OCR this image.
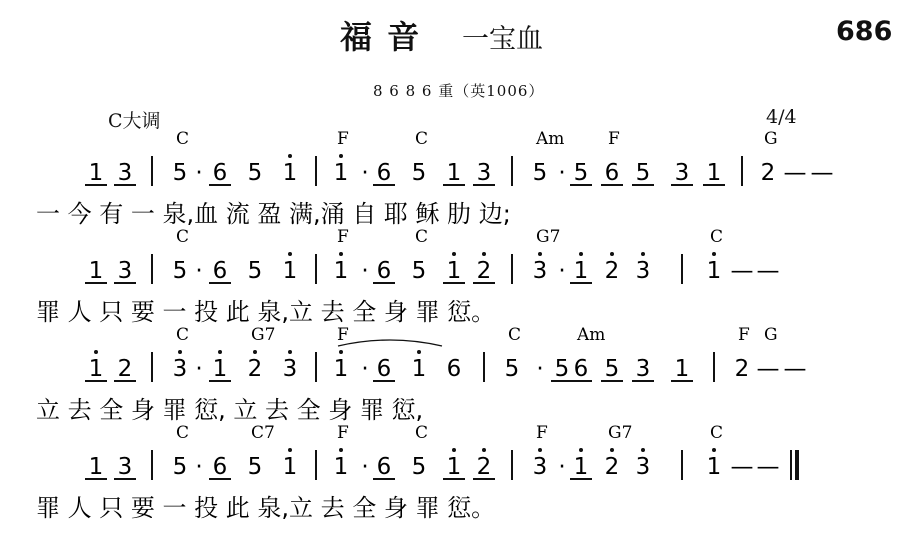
福 音 一宝血	686
8 6 8 6 重（英1006）
C大调	4/4
1 3 5 · 6 5 1 1 · 6 5 1 3 5 · 5 6 5 3 1 2 — —
C	F	C	Am	F	G
一 今 有 一 泉,血 流 盈 满,涌 自 耶 稣 肋 边;
1 3 5 · 6 5 1 1 · 6 5 1 2 3 · 1 2 3 1 — —
C	F	C	G7	C
罪 人 只 要 一 投 此 泉,立 去 全 身 罪 愆。
1 2 3 · 1 2 3 1 · 6 1 6 5 · 5 6 5 3 1 2 — —
C	G7	F	C	Am	F G
立 去 全 身 罪 愆, 立 去 全 身 罪 愆,
1 3 5 · 6 5 1 1 · 6 5 1 2 3 · 1 2 3 1 — —
C	C7	F	C	F	G7	C
罪 人 只 要 一 投 此 泉,立 去 全 身 罪 愆。
